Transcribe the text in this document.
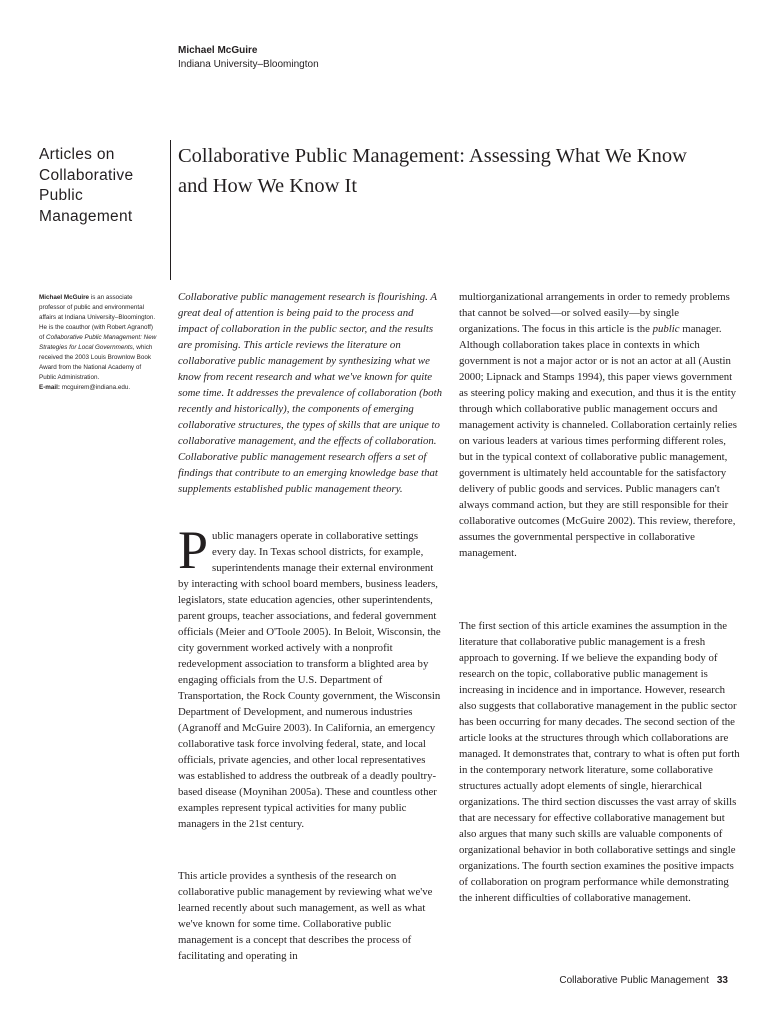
Michael McGuire
Indiana University–Bloomington
Articles on Collaborative Public Management
Collaborative Public Management: Assessing What We Know and How We Know It
Michael McGuire is an associate professor of public and environmental affairs at Indiana University–Bloomington. He is the coauthor (with Robert Agranoff) of Collaborative Public Management: New Strategies for Local Governments, which received the 2003 Louis Brownlow Book Award from the National Academy of Public Administration.
E-mail: mcguirem@indiana.edu.

Collaborative public management research is flourishing. A great deal of attention is being paid to the process and impact of collaboration in the public sector, and the results are promising. This article reviews the literature on collaborative public management by synthesizing what we know from recent research and what we've known for quite some time. It addresses the prevalence of collaboration (both recently and historically), the components of emerging collaborative structures, the types of skills that are unique to collaborative management, and the effects of collaboration. Collaborative public management research offers a set of findings that contribute to an emerging knowledge base that supplements established public management theory.

Public managers operate in collaborative settings every day. In Texas school districts, for example, superintendents manage their external environment by interacting with school board members, business leaders, legislators, state education agencies, other superintendents, parent groups, teacher associations, and federal government officials (Meier and O'Toole 2005). In Beloit, Wisconsin, the city government worked actively with a nonprofit redevelopment association to transform a blighted area by engaging officials from the U.S. Department of Transportation, the Rock County government, the Wisconsin Department of Development, and numerous industries (Agranoff and McGuire 2003). In California, an emergency collaborative task force involving federal, state, and local officials, private agencies, and other local representatives was established to address the outbreak of a deadly poultry-based disease (Moynihan 2005a). These and countless other examples represent typical activities for many public managers in the 21st century.

This article provides a synthesis of the research on collaborative public management by reviewing what we've learned recently about such management, as well as what we've known for some time. Collaborative public management is a concept that describes the process of facilitating and operating in

multiorganizational arrangements in order to remedy problems that cannot be solved—or solved easily—by single organizations. The focus in this article is the public manager. Although collaboration takes place in contexts in which government is not a major actor or is not an actor at all (Austin 2000; Lipnack and Stamps 1994), this paper views government as steering policy making and execution, and thus it is the entity through which collaborative public management occurs and management activity is channeled. Collaboration certainly relies on various leaders at various times performing different roles, but in the typical context of collaborative public management, government is ultimately held accountable for the satisfactory delivery of public goods and services. Public managers can't always command action, but they are still responsible for their collaborative outcomes (McGuire 2002). This review, therefore, assumes the governmental perspective in collaborative management.

The first section of this article examines the assumption in the literature that collaborative public management is a fresh approach to governing. If we believe the expanding body of research on the topic, collaborative public management is increasing in incidence and in importance. However, research also suggests that collaborative management in the public sector has been occurring for many decades. The second section of the article looks at the structures through which collaborations are managed. It demonstrates that, contrary to what is often put forth in the contemporary network literature, some collaborative structures actually adopt elements of single, hierarchical organizations. The third section discusses the vast array of skills that are necessary for effective collaborative management but also argues that many such skills are valuable components of organizational behavior in both collaborative settings and single organizations. The fourth section examines the positive impacts of collaboration on program performance while demonstrating the inherent difficulties of collaborative management.

Collaborative Public Management 33
